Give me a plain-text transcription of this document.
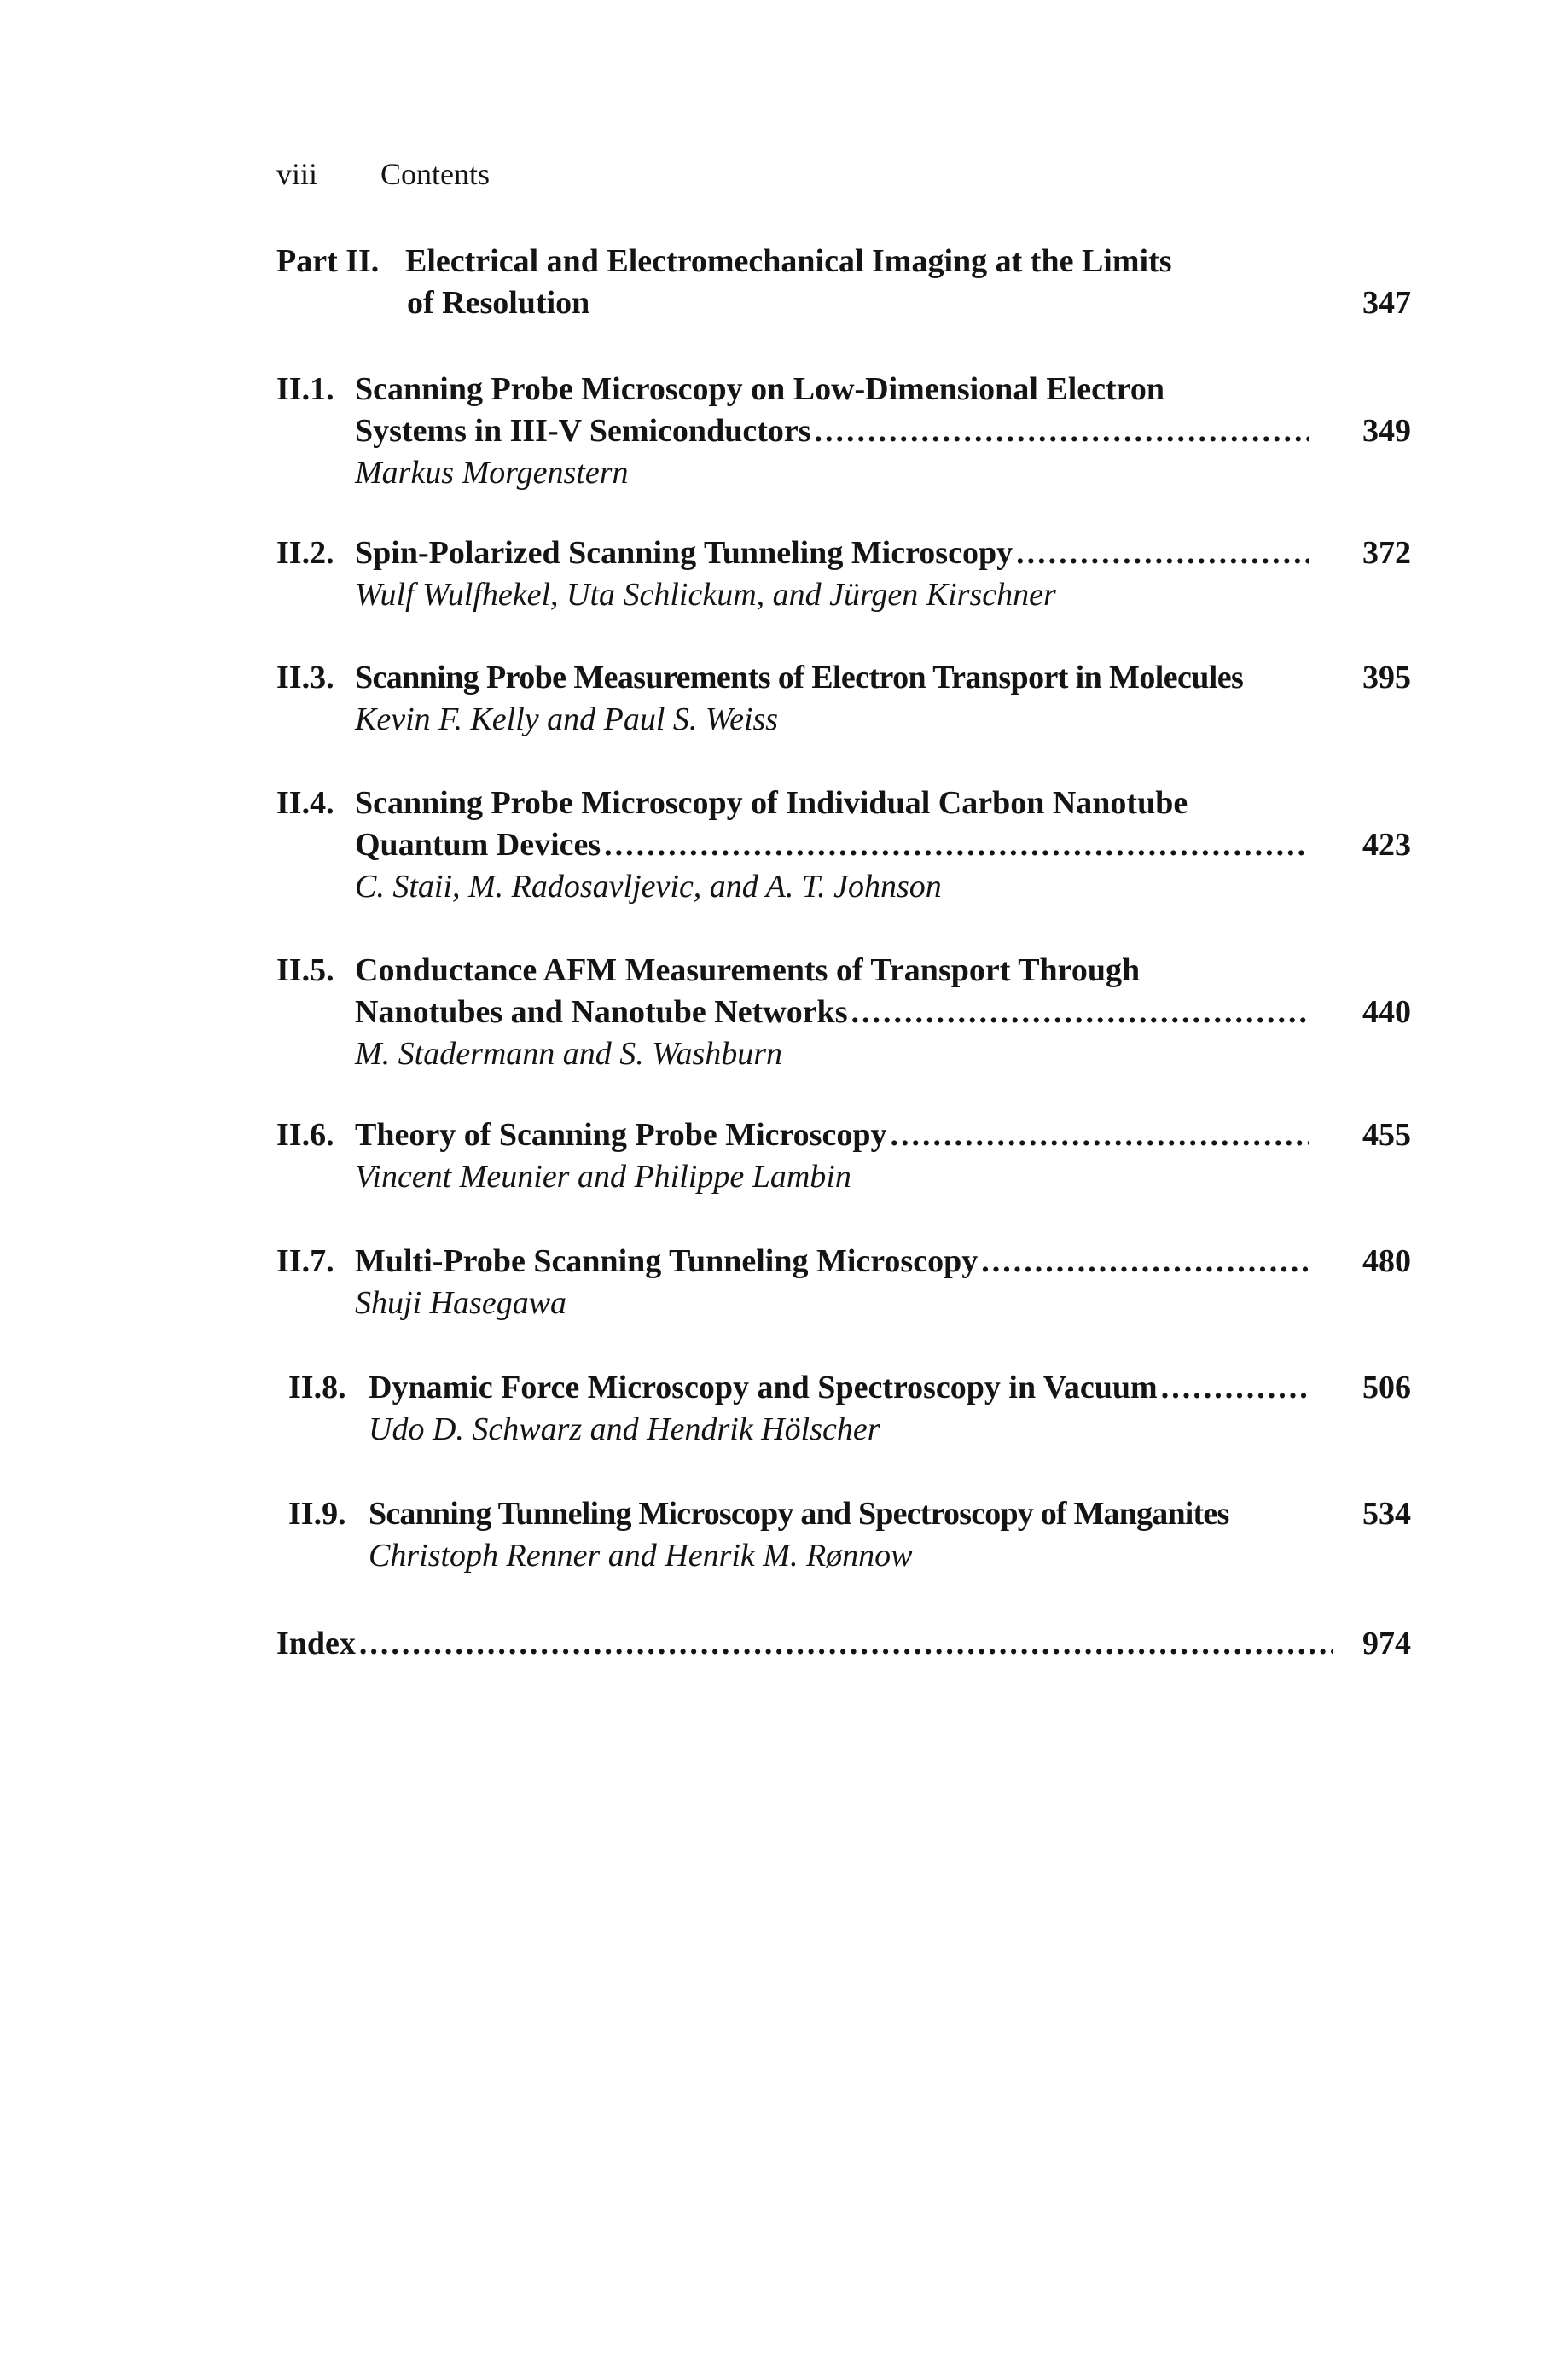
viii Contents
Part II. Electrical and Electromechanical Imaging at the Limits
of Resolution	347
II.1. Scanning Probe Microscopy on Low-Dimensional Electron
Systems in III-V Semiconductors
.....
Markus Morgenstern
349
II.2. Spin-Polarized Scanning Tunneling Microscopy
.....
Wulf Wulfhekel, Uta Schlickum, and Jürgen Kirschner
372
II.3. Scanning Probe Measurements of Electron Transport in Molecules
Kevin F. Kelly and Paul S. Weiss
395
II.4. Scanning Probe Microscopy of Individual Carbon Nanotube
Quantum Devices
.....
C. Staii, M. Radosavljevic, and A. T. Johnson
423
II.5. Conductance AFM Measurements of Transport Through
Nanotubes and Nanotube Networks
.....
M. Stadermann and S. Washburn
440
II.6. Theory of Scanning Probe Microscopy
.....
Vincent Meunier and Philippe Lambin
455
II.7. Multi-Probe Scanning Tunneling Microscopy
.....
Shuji Hasegawa
480
II.8. Dynamic Force Microscopy and Spectroscopy in Vacuum
.....
Udo D. Schwarz and Hendrik Hölscher
506
II.9. Scanning Tunneling Microscopy and Spectroscopy of Manganites
Christoph Renner and Henrik M. Rønnow
534
Index
.....	974
